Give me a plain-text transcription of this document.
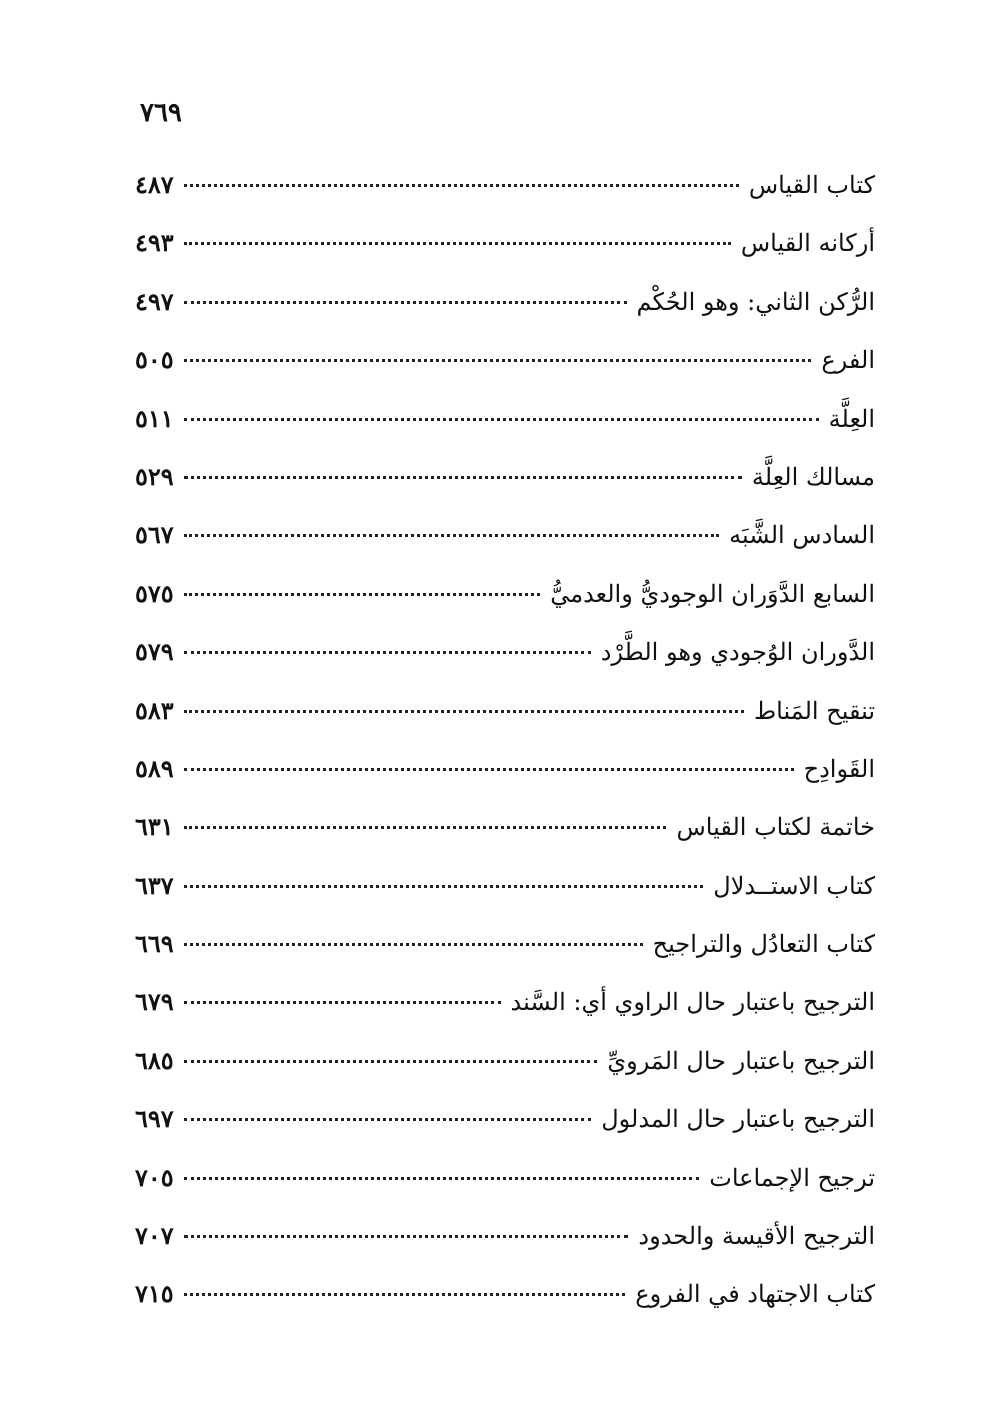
٧٦٩
كتاب القياس
٤٨٧
أركانه القياس
٤٩٣
الرُّكن الثاني: وهو الحُكْم
٤٩٧
الفرع
٥٠٥
العِلَّة
٥١١
مسالك العِلَّة
٥٢٩
السادس الشَّبَه
٥٦٧
السابع الدَّوَران الوجوديُّ والعدميُّ
٥٧٥
الدَّوران الوُجودي وهو الطَّرْد
٥٧٩
تنقيح المَناط
٥٨٣
القَوادِح
٥٨٩
خاتمة لكتاب القياس
٦٣١
كتاب الاستــدلال
٦٣٧
كتاب التعادُل والتراجيح
٦٦٩
الترجيح باعتبار حال الراوي أي: السَّند
٦٧٩
الترجيح باعتبار حال المَرويِّ
٦٨٥
الترجيح باعتبار حال المدلول
٦٩٧
ترجيح الإجماعات
٧٠٥
الترجيح الأقيسة والحدود
٧٠٧
كتاب الاجتهاد في الفروع
٧١٥
